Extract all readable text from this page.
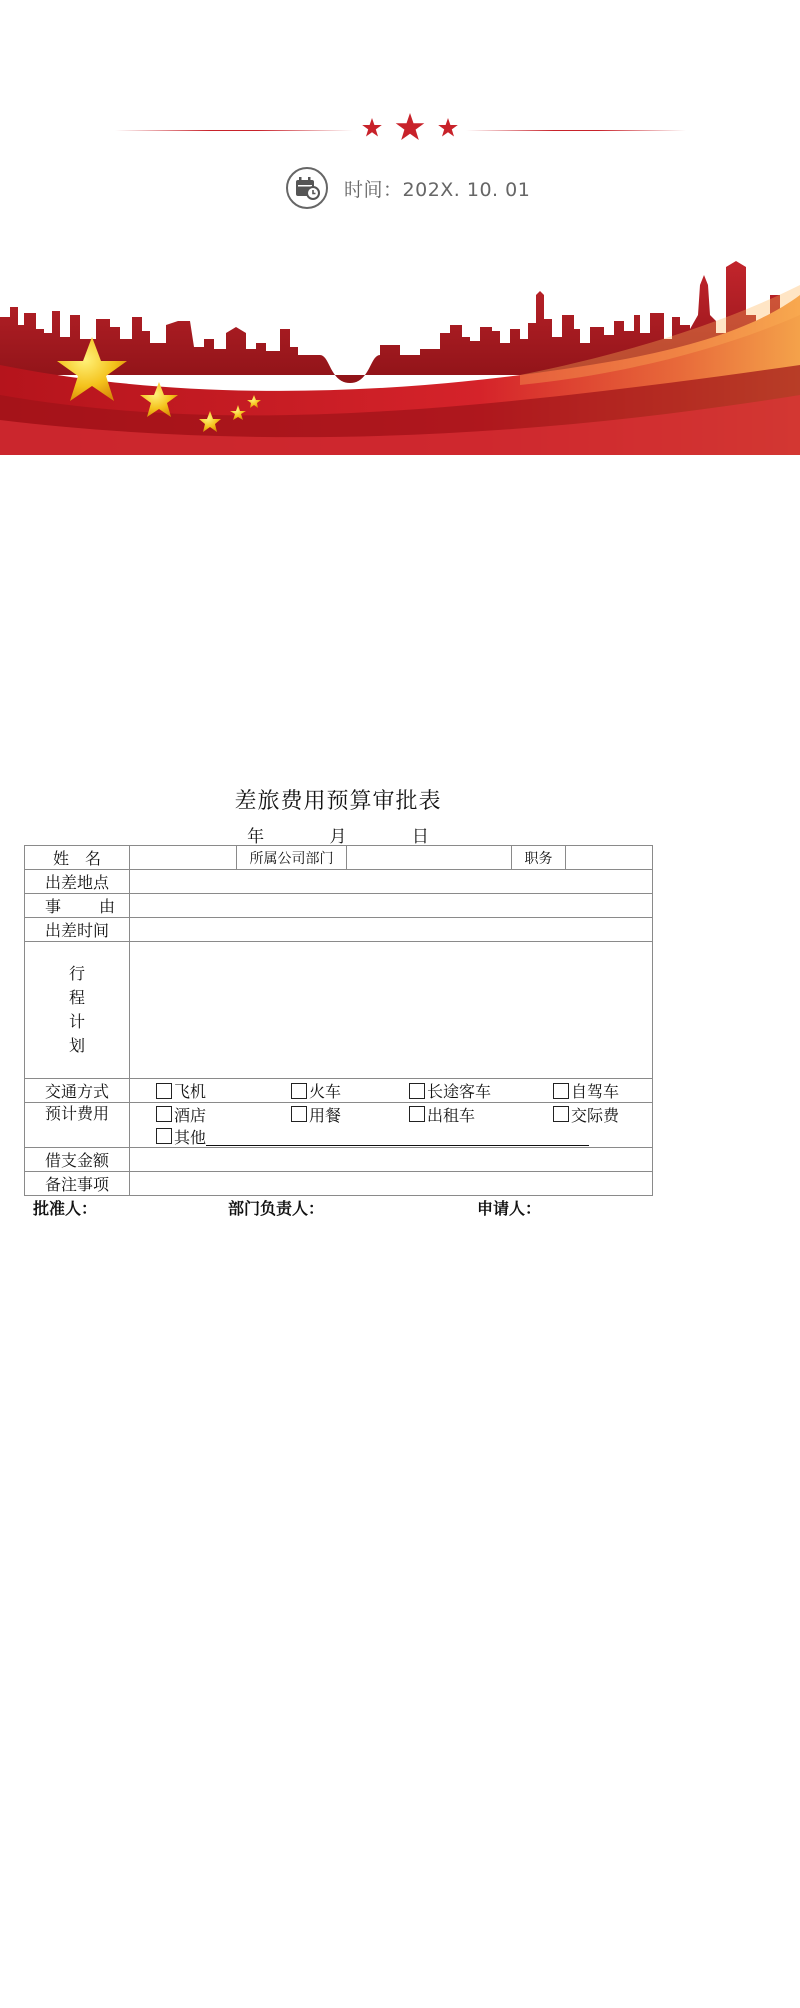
时间：202X. 10. 01
差旅费用预算审批表
年	月	日
姓 名		所属公司部门		职务	
出差地点					

事 由					

出差时间					

行
程
计
划					

交通方式	飞机 火车 长途客车 自驾车				

预计费用	酒店 用餐 出租车 交际费
其他				

借支金额					
备注事项					
批准人：	部门负责人：	申请人：
